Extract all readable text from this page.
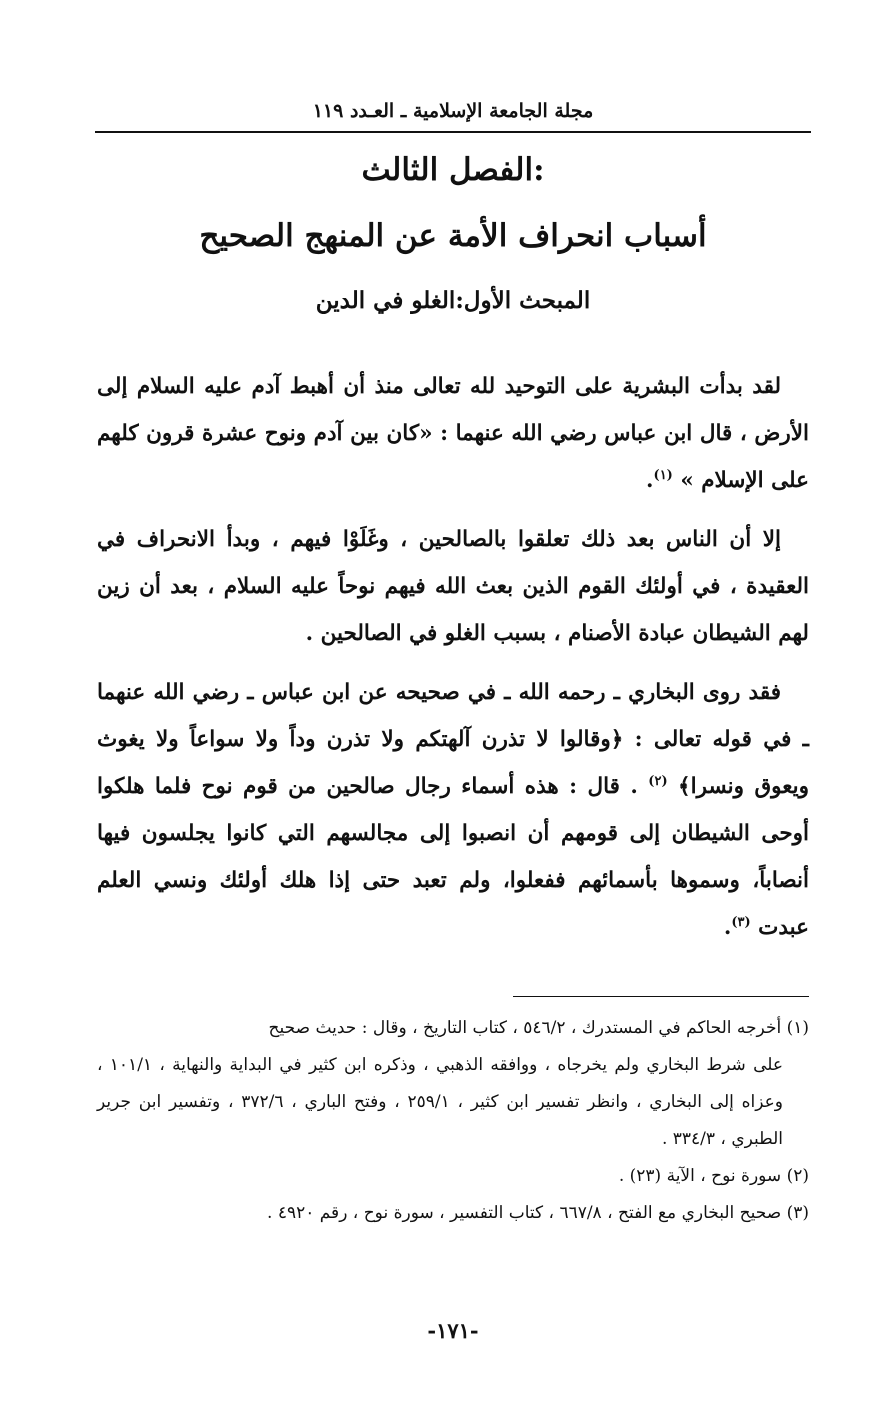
مجلة الجامعة الإسلامية ـ العـدد ١١٩
الفصل الثالث:
أسباب انحراف الأمة عن المنهج الصحيح
المبحث الأول:الغلو في الدين

لقد بدأت البشرية على التوحيد لله تعالى منذ أن أهبط آدم عليه السلام إلى الأرض ، قال ابن عباس رضي الله عنهما : «كان بين آدم ونوح عشرة قرون كلهم على الإسلام » $^{(١)}$.

إلا أن الناس بعد ذلك تعلقوا بالصالحين ، وغَلَوْا فيهم ، وبدأ الانحراف في العقيدة ، في أولئك القوم الذين بعث الله فيهم نوحاً عليه السلام ، بعد أن زين لهم الشيطان عبادة الأصنام ، بسبب الغلو في الصالحين .

فقد روى البخاري ـ رحمه الله ـ في صحيحه عن ابن عباس ـ رضي الله عنهما ـ في قوله تعالى : ﴿وقالوا لا تذرن آلهتكم ولا تذرن وداً ولا سواعاً ولا يغوث ويعوق ونسرا﴾ $^{(٢)}$ . قال : هذه أسماء رجال صالحين من قوم نوح فلما هلكوا أوحى الشيطان إلى قومهم أن انصبوا إلى مجالسهم التي كانوا يجلسون فيها أنصاباً، وسموها بأسمائهم ففعلوا، ولم تعبد حتى إذا هلك أولئك ونسي العلم عبدت $^{(٣)}$.

(١) أخرجه الحاكم في المستدرك ، ٥٤٦/٢ ، كتاب التاريخ ، وقال : حديث صحيح

على شرط البخاري ولم يخرجاه ، ووافقه الذهبي ، وذكره ابن كثير في البداية والنهاية ، ١٠١/١ ، وعزاه إلى البخاري ، وانظر تفسير ابن كثير ، ٢٥٩/١ ، وفتح الباري ، ٣٧٢/٦ ، وتفسير ابن جرير الطبري ، ٣٣٤/٣ .

(٢) سورة نوح ، الآية (٢٣) .

(٣) صحيح البخاري مع الفتح ، ٦٦٧/٨ ، كتاب التفسير ، سورة نوح ، رقم ٤٩٢٠ .

-١٧١-
